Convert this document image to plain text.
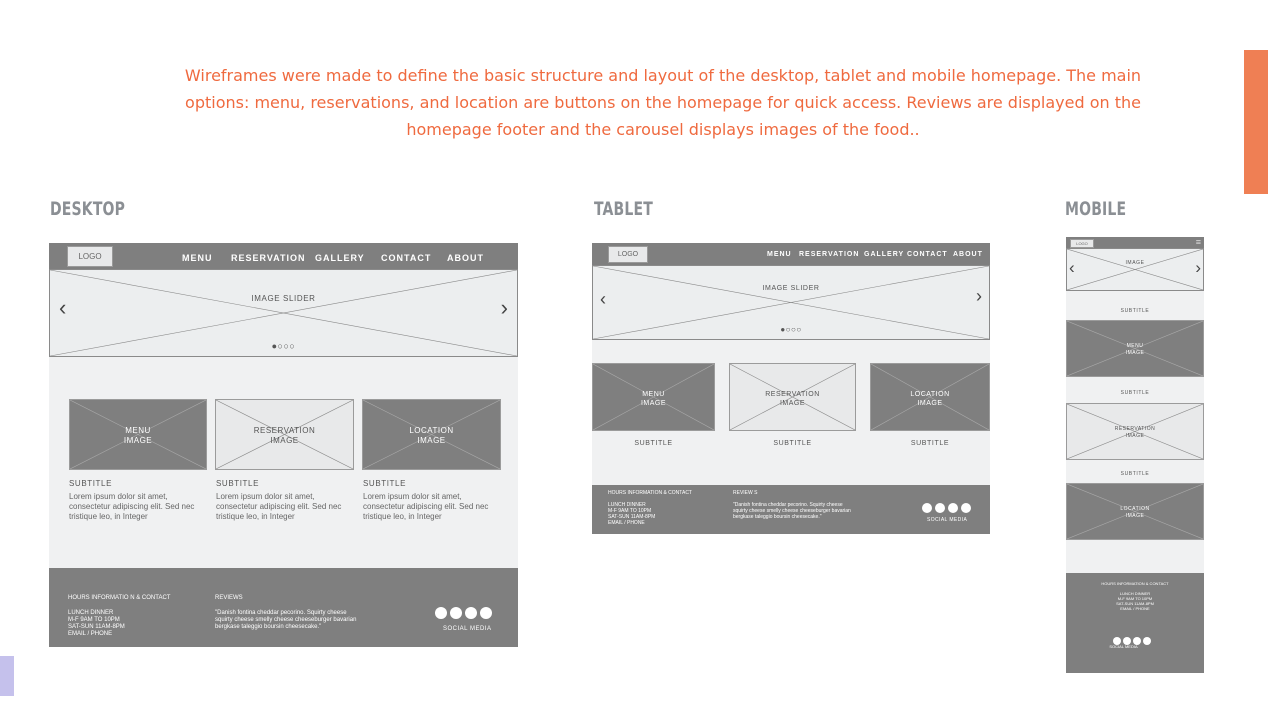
Wireframes were made to define the basic structure and layout of the desktop, tablet and mobile homepage. The main options: menu, reservations, and location are buttons on the homepage for quick access. Reviews are displayed on the homepage footer and the carousel displays images of the food..

DESKTOP
LOGO	MENU RESERVATION GALLERY CONTACT ABOUT
IMAGE SLIDER
‹	›
●○○○
MENU
IMAGE
RESERVATION
IMAGE
LOCATION
IMAGE
SUBTITLE	SUBTITLE	SUBTITLE
Lorem ipsum dolor sit amet, consectetur adipiscing elit. Sed nec tristique leo, in Integer
Lorem ipsum dolor sit amet, consectetur adipiscing elit. Sed nec tristique leo, in Integer
Lorem ipsum dolor sit amet, consectetur adipiscing elit. Sed nec tristique leo, in Integer
HOURS INFORMATIO N & CONTACT
LUNCH DINNER
M-F 9AM TO 10PM
SAT-SUN 11AM-8PM
EMAIL / PHONE
REVIEWS
"Danish fontina cheddar pecorino. Squirty cheese squirty cheese smelly cheese cheeseburger bavarian bergkase taleggio boursin cheesecake."	SOCIAL MEDIA
TABLET
LOGO	MENU RESERVATION GALLERY CONTACT ABOUT
IMAGE SLIDER
‹	›
●○○○
MENU
IMAGE
RESERVATION
IMAGE
LOCATION
IMAGE
SUBTITLE	SUBTITLE	SUBTITLE
HOURS INFORMATION & CONTACT
LUNCH DINNER
M-F 9AM TO 10PM
SAT-SUN 11AM-8PM
EMAIL / PHONE
REVIEW S
"Danish fontina cheddar pecorino. Squirty cheese squirty cheese smelly cheese cheeseburger bavarian bergkase taleggio boursin cheesecake."	SOCIAL MEDIA
MOBILE
LOGO	≡
IMAGE
‹	›
SUBTITLE
MENU
IMAGE
SUBTITLE
RESERVATION
IMAGE
SUBTITLE
LOCATION
IMAGE
HOURS INFORMATION & CONTACT
LUNCH DINNER
M-F 9AM TO 10PM
SAT-SUN 11AM-8PM
EMAIL / PHONE
SOCIAL MEDIA
